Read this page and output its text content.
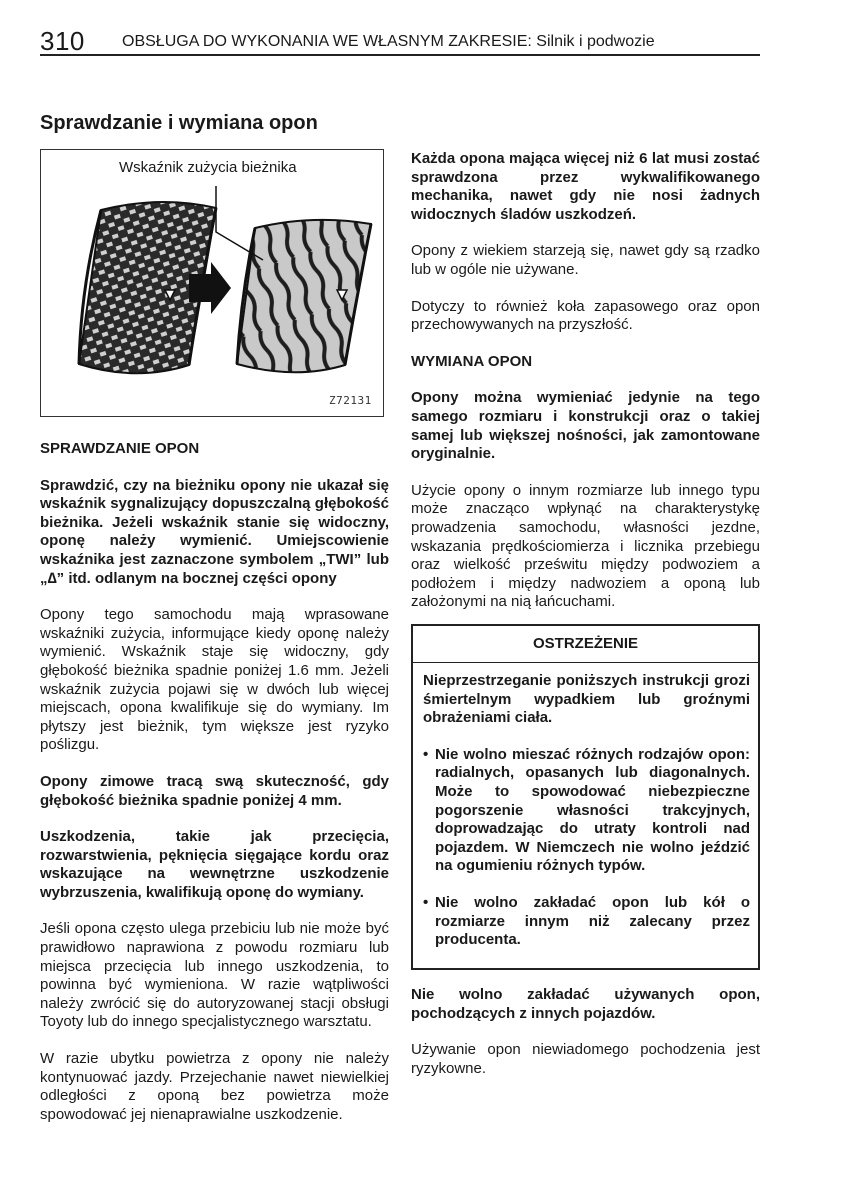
310 OBSŁUGA DO WYKONANIA WE WŁASNYM ZAKRESIE: Silnik i podwozie
Sprawdzanie i wymiana opon
Wskaźnik zużycia bieżnika
Z72131

SPRAWDZANIE OPON

Sprawdzić, czy na bieżniku opony nie ukazał się wskaźnik sygnalizujący dopuszczalną głębokość bieżnika. Jeżeli wskaźnik stanie się widoczny, oponę należy wymienić. Umiejscowienie wskaźnika jest zaznaczone symbolem „TWI” lub „∆” itd. odlanym na bocznej części opony

Opony tego samochodu mają wprasowane wskaźniki zużycia, informujące kiedy oponę należy wymienić. Wskaźnik staje się widoczny, gdy głębokość bieżnika spadnie poniżej 1.6 mm. Jeżeli wskaźnik zużycia pojawi się w dwóch lub więcej miejscach, opona kwalifikuje się do wymiany. Im płytszy jest bieżnik, tym większe jest ryzyko poślizgu.

Opony zimowe tracą swą skuteczność, gdy głębokość bieżnika spadnie poniżej 4 mm.

Uszkodzenia, takie jak przecięcia, rozwarstwienia, pęknięcia sięgające kordu oraz wskazujące na wewnętrzne uszkodzenie wybrzuszenia, kwalifikują oponę do wymiany.

Jeśli opona często ulega przebiciu lub nie może być prawidłowo naprawiona z powodu rozmiaru lub miejsca przecięcia lub innego uszkodzenia, to powinna być wymieniona. W razie wątpliwości należy zwrócić się do autoryzowanej stacji obsługi Toyoty lub do innego specjalistycznego warsztatu.

W razie ubytku powietrza z opony nie należy kontynuować jazdy. Przejechanie nawet niewielkiej odległości z oponą bez powietrza może spowodować jej nienaprawialne uszkodzenie.

Każda opona mająca więcej niż 6 lat musi zostać sprawdzona przez wykwalifikowanego mechanika, nawet gdy nie nosi żadnych widocznych śladów uszkodzeń.

Opony z wiekiem starzeją się, nawet gdy są rzadko lub w ogóle nie używane.

Dotyczy to również koła zapasowego oraz opon przechowywanych na przyszłość.

WYMIANA OPON

Opony można wymieniać jedynie na tego samego rozmiaru i konstrukcji oraz o takiej samej lub większej nośności, jak zamontowane oryginalnie.

Użycie opony o innym rozmiarze lub innego typu może znacząco wpłynąć na charakterystykę prowadzenia samochodu, własności jezdne, wskazania prędkościomierza i licznika przebiegu oraz wielkość prześwitu między podwoziem a podłożem i między nadwoziem a oponą lub założonymi na nią łańcuchami.

OSTRZEŻENIE

Nieprzestrzeganie poniższych instrukcji grozi śmiertelnym wypadkiem lub groźnymi obrażeniami ciała.

• Nie wolno mieszać różnych rodzajów opon: radialnych, opasanych lub diagonalnych. Może to spowodować niebezpieczne pogorszenie własności trakcyjnych, doprowadzając do utraty kontroli nad pojazdem. W Niemczech nie wolno jeździć na ogumieniu różnych typów.
• Nie wolno zakładać opon lub kół o rozmiarze innym niż zalecany przez producenta.

Nie wolno zakładać używanych opon, pochodzących z innych pojazdów.

Używanie opon niewiadomego pochodzenia jest ryzykowne.
